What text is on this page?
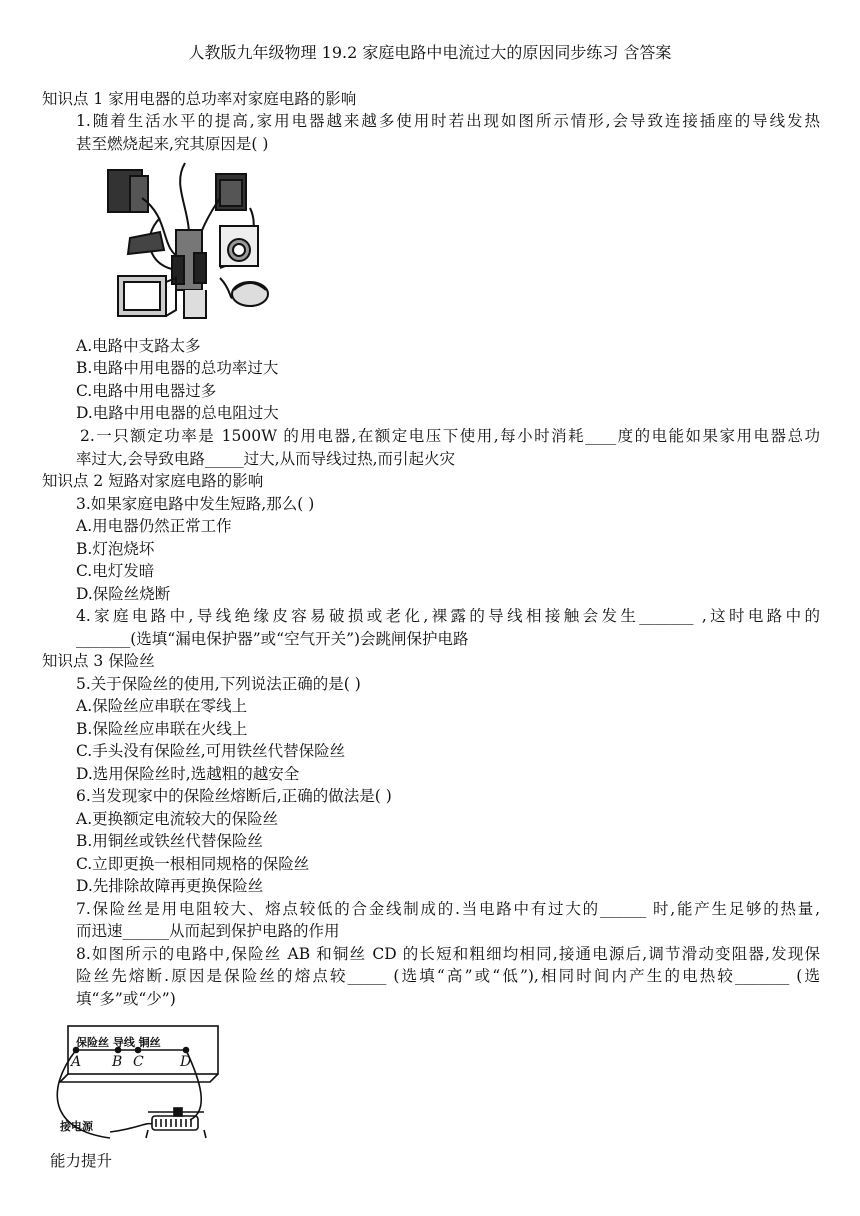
人教版九年级物理 19.2 家庭电路中电流过大的原因同步练习 含答案
知识点 1 家用电器的总功率对家庭电路的影响
1.随着生活水平的提高,家用电器越来越多使用时若出现如图所示情形,会导致连接插座的导线发热
甚至燃烧起来,究其原因是( )
A.电路中支路太多
B.电路中用电器的总功率过大
C.电路中用电器过多
D.电路中用电器的总电阻过大
2.一只额定功率是 1500W 的用电器,在额定电压下使用,每小时消耗____度的电能如果家用电器总功
率过大,会导致电路_____过大,从而导线过热,而引起火灾
知识点 2 短路对家庭电路的影响
3.如果家庭电路中发生短路,那么( )
A.用电器仍然正常工作
B.灯泡烧坏
C.电灯发暗
D.保险丝烧断
4.家庭电路中,导线绝缘皮容易破损或老化,裸露的导线相接触会发生_______ ,这时电路中的
_______(选填“漏电保护器”或“空气开关”)会跳闸保护电路
知识点 3 保险丝
5.关于保险丝的使用,下列说法正确的是( )
A.保险丝应串联在零线上
B.保险丝应串联在火线上
C.手头没有保险丝,可用铁丝代替保险丝
D.选用保险丝时,选越粗的越安全
6.当发现家中的保险丝熔断后,正确的做法是( )
A.更换额定电流较大的保险丝
B.用铜丝或铁丝代替保险丝
C.立即更换一根相同规格的保险丝
D.先排除故障再更换保险丝
7.保险丝是用电阻较大、熔点较低的合金线制成的.当电路中有过大的______ 时,能产生足够的热量,
而迅速______从而起到保护电路的作用
8.如图所示的电路中,保险丝 AB 和铜丝 CD 的长短和粗细均相同,接通电源后,调节滑动变阻器,发现保
险丝先熔断.原因是保险丝的熔点较_____ (选填“高”或“低”),相同时间内产生的电热较_______ (选
填“多”或“少”)
保险丝 导线 铜丝
A B C	D
接电源
能力提升
